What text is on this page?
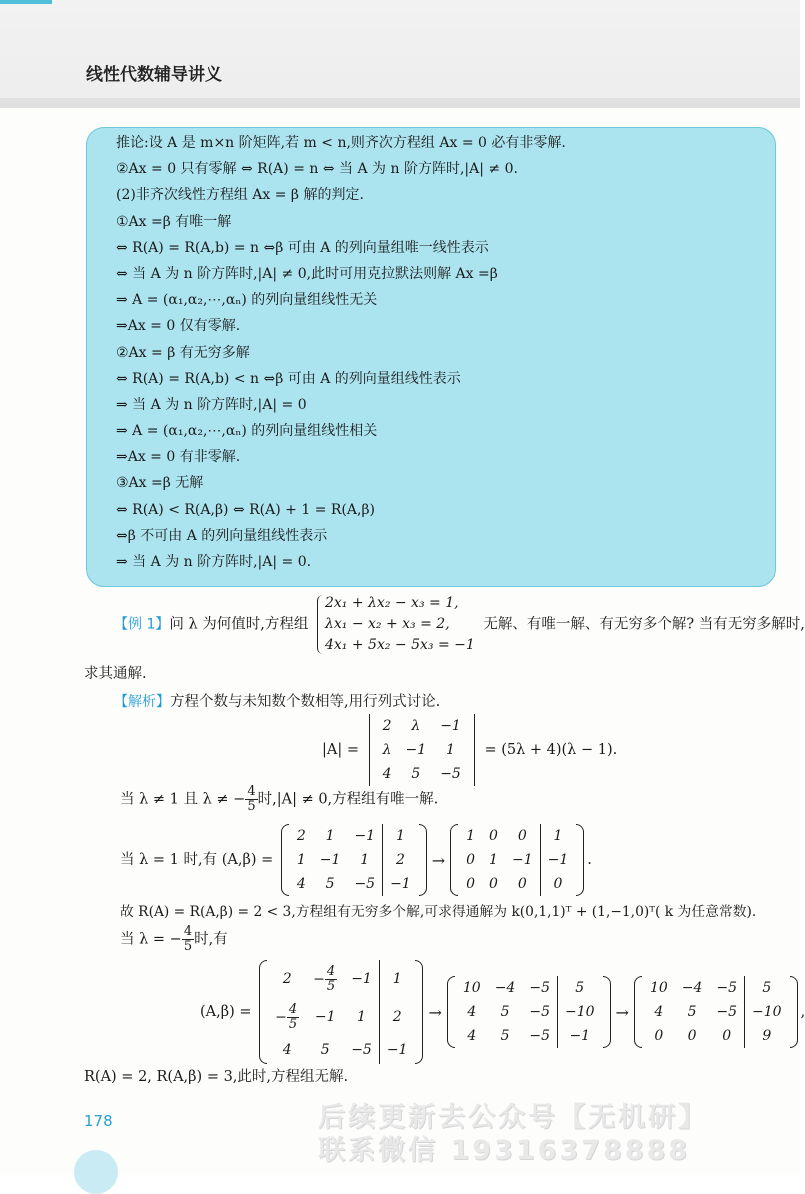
线性代数辅导讲义
推论:设 A 是 m×n 阶矩阵,若 m < n,则齐次方程组 Ax = 0 必有非零解.
②Ax = 0 只有零解 ⇔ R(A) = n ⇔ 当 A 为 n 阶方阵时,|A| ≠ 0.
(2)非齐次线性方程组 Ax = β 解的判定.
①Ax =β 有唯一解
⇔ R(A) = R(A,b) = n ⇔β 可由 A 的列向量组唯一线性表示
⇔ 当 A 为 n 阶方阵时,|A| ≠ 0,此时可用克拉默法则解 Ax =β
⇒ A = (α₁,α₂,⋯,αₙ) 的列向量组线性无关
⇒Ax = 0 仅有零解.
②Ax = β 有无穷多解
⇔ R(A) = R(A,b) < n ⇔β 可由 A 的列向量组线性表示
⇒ 当 A 为 n 阶方阵时,|A| = 0
⇒ A = (α₁,α₂,⋯,αₙ) 的列向量组线性相关
⇒Ax = 0 有非零解.
③Ax =β 无解
⇔ R(A) < R(A,β) ⇔ R(A) + 1 = R(A,β)
⇔β 不可由 A 的列向量组线性表示
⇒ 当 A 为 n 阶方阵时,|A| = 0.
【例 1】问 λ 为何值时,方程组
2x₁ + λx₂ − x₃ = 1,
λx₁ − x₂ + x₃ = 2,
4x₁ + 5x₂ − 5x₃ = −1
无解、有唯一解、有无穷多个解? 当有无穷多解时,
求其通解.
【解析】方程个数与未知数个数相等,用行列式讨论.
|A| =
2	λ	−1
λ	−1	1
4	5	−5
= (5λ + 4)(λ − 1).
当 λ ≠ 1 且 λ ≠ − $\frac{4}{5}$ 时,|A| ≠ 0,方程组有唯一解.
当 λ = 1 时,有 (A,β) =
2	1	−1	1
1	−1	1	2
4	5	−5	−1
→
1	0	0	1
0	1	−1	−1
0	0	0	0
.
故 R(A) = R(A,β) = 2 < 3,方程组有无穷多个解,可求得通解为 k(0,1,1)ᵀ + (1,−1,0)ᵀ( k 为任意常数).
当 λ = − $\frac{4}{5}$ 时,有
(A,β) =
2	− $\frac{4}{5}$	−1	1
− $\frac{4}{5}$	−1	1	2
4	5	−5	−1
→
10	−4	−5	5
4	5	−5	−10
4	5	−5	−1
→
10	−4	−5	5
4	5	−5	−10
0	0	0	9
,
R(A) = 2, R(A,β) = 3,此时,方程组无解.
178	后续更新去公众号【无机研】
联系微信 19316378888
